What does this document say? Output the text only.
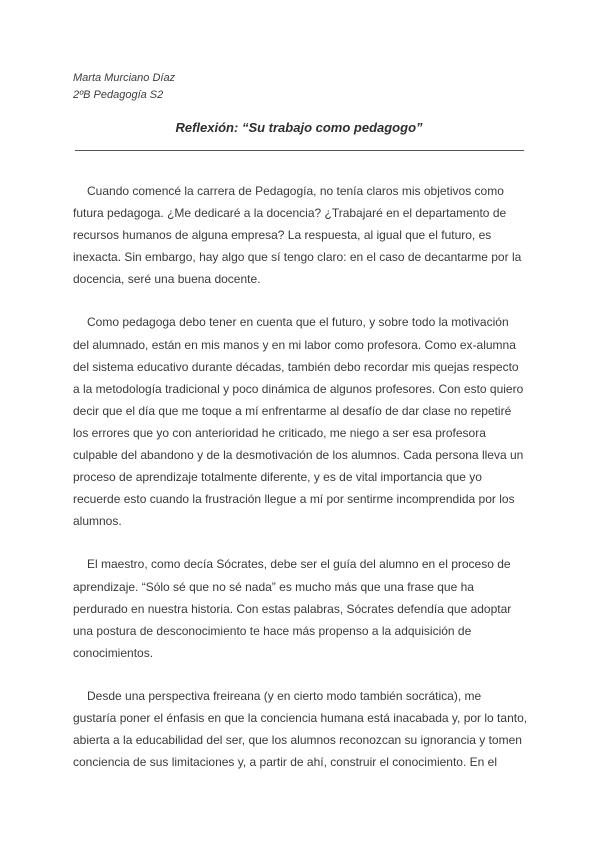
Marta Murciano Díaz
2ºB Pedagogía S2
Reflexión: “Su trabajo como pedagogo”
Cuando comencé la carrera de Pedagogía, no tenía claros mis objetivos como
futura pedagoga. ¿Me dedicaré a la docencia? ¿Trabajaré en el departamento de
recursos humanos de alguna empresa? La respuesta, al igual que el futuro, es
inexacta. Sin embargo, hay algo que sí tengo claro: en el caso de decantarme por la
docencia, seré una buena docente.
Como pedagoga debo tener en cuenta que el futuro, y sobre todo la motivación
del alumnado, están en mis manos y en mi labor como profesora. Como ex-alumna
del sistema educativo durante décadas, también debo recordar mis quejas respecto
a la metodología tradicional y poco dinámica de algunos profesores. Con esto quiero
decir que el día que me toque a mí enfrentarme al desafío de dar clase no repetiré
los errores que yo con anterioridad he criticado, me niego a ser esa profesora
culpable del abandono y de la desmotivación de los alumnos. Cada persona lleva un
proceso de aprendizaje totalmente diferente, y es de vital importancia que yo
recuerde esto cuando la frustración llegue a mí por sentirme incomprendida por los
alumnos.
El maestro, como decía Sócrates, debe ser el guía del alumno en el proceso de
aprendizaje. “Sólo sé que no sé nada” es mucho más que una frase que ha
perdurado en nuestra historia. Con estas palabras, Sócrates defendía que adoptar
una postura de desconocimiento te hace más propenso a la adquisición de
conocimientos.
Desde una perspectiva freireana (y en cierto modo también socrática), me
gustaría poner el énfasis en que la conciencia humana está inacabada y, por lo tanto,
abierta a la educabilidad del ser, que los alumnos reconozcan su ignorancia y tomen
conciencia de sus limitaciones y, a partir de ahí, construir el conocimiento. En el
